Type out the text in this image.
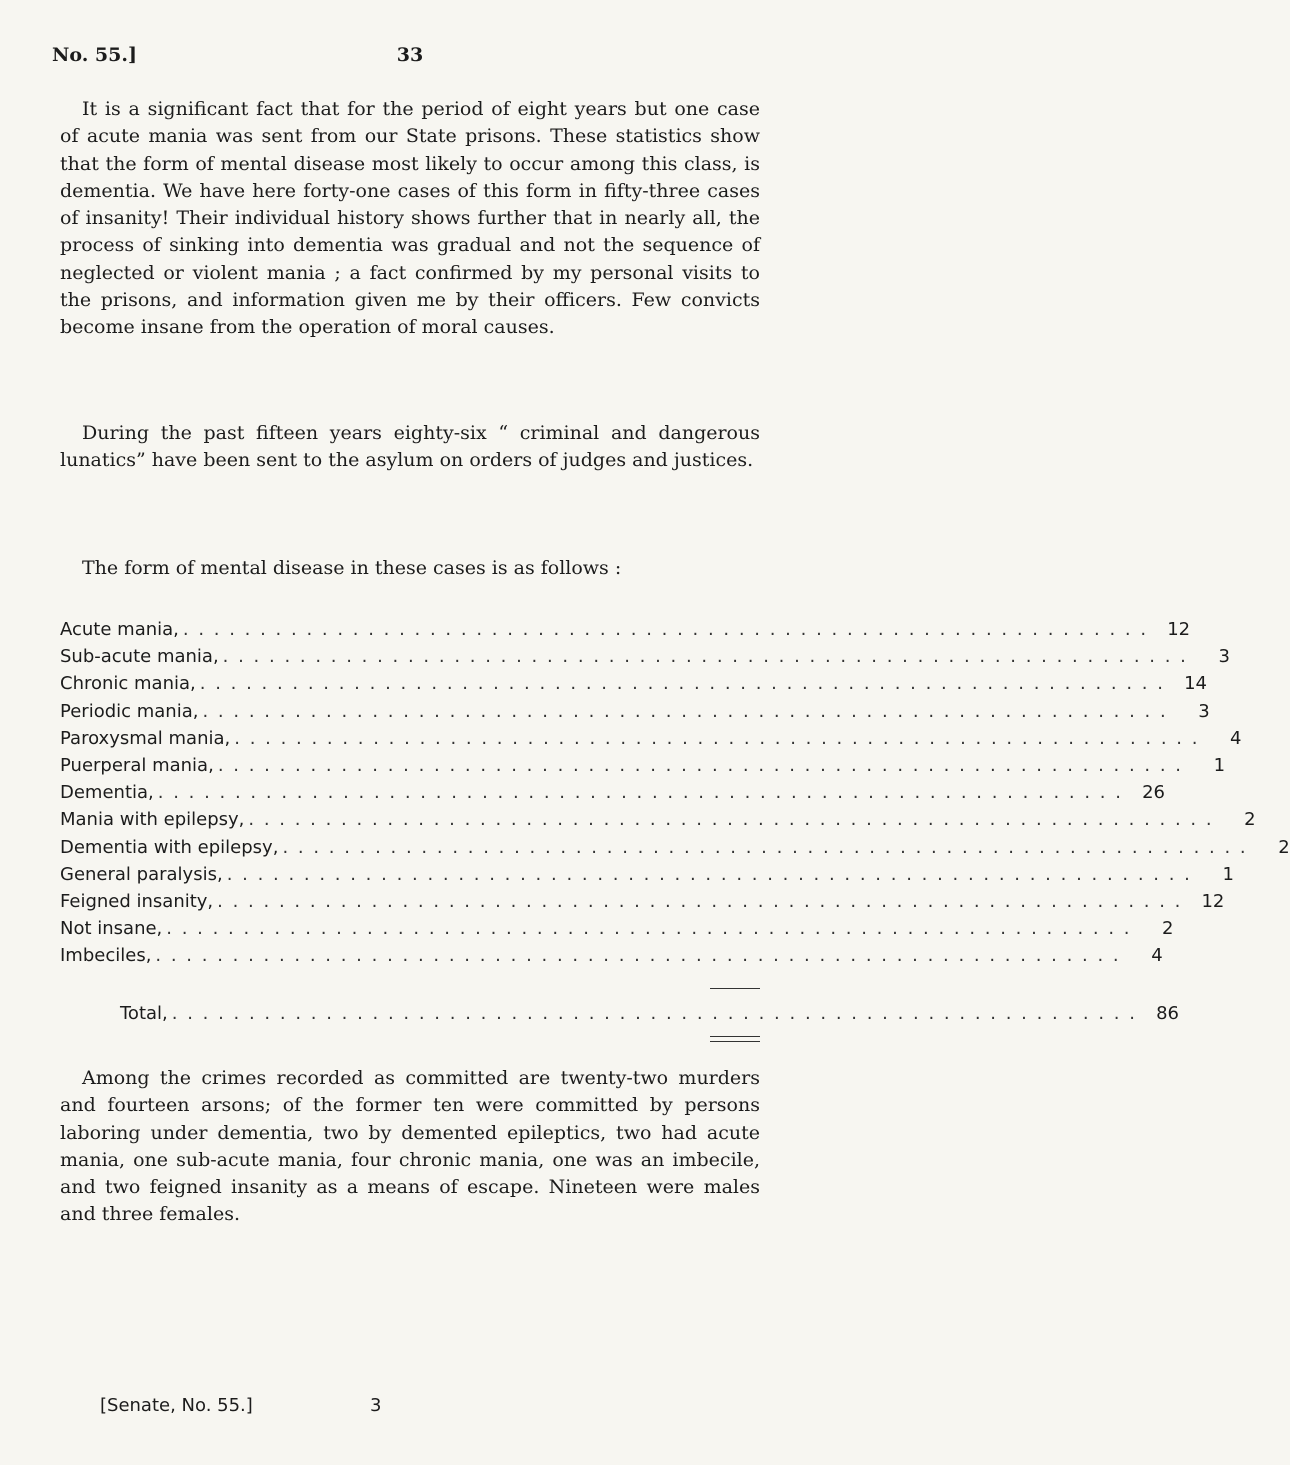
No. 55.]	33

It is a significant fact that for the period of eight years but one case of acute mania was sent from our State prisons. These statistics show that the form of mental disease most likely to occur among this class, is dementia. We have here forty-one cases of this form in fifty-three cases of insanity! Their individual history shows further that in nearly all, the process of sinking into dementia was gradual and not the sequence of neglected or violent mania ; a fact confirmed by my personal visits to the prisons, and information given me by their officers. Few convicts become insane from the operation of moral causes.

During the past fifteen years eighty-six “ criminal and dangerous lunatics” have been sent to the asylum on orders of judges and justices.

The form of mental disease in these cases is as follows :

Acute mania, . . . . . . . . . . . . . . . . . . . . . . . . . . . . . . . . . . . . . . . . . . . . . . . . . . . . . . . . . . . . . . .	12
Sub-acute mania, . . . . . . . . . . . . . . . . . . . . . . . . . . . . . . . . . . . . . . . . . . . . . . . . . . . . . . . . . . . . . . .	3
Chronic mania, . . . . . . . . . . . . . . . . . . . . . . . . . . . . . . . . . . . . . . . . . . . . . . . . . . . . . . . . . . . . . . .	14
Periodic mania, . . . . . . . . . . . . . . . . . . . . . . . . . . . . . . . . . . . . . . . . . . . . . . . . . . . . . . . . . . . . . . .	3
Paroxysmal mania, . . . . . . . . . . . . . . . . . . . . . . . . . . . . . . . . . . . . . . . . . . . . . . . . . . . . . . . . . . . . . . .	4
Puerperal mania, . . . . . . . . . . . . . . . . . . . . . . . . . . . . . . . . . . . . . . . . . . . . . . . . . . . . . . . . . . . . . . .	1
Dementia, . . . . . . . . . . . . . . . . . . . . . . . . . . . . . . . . . . . . . . . . . . . . . . . . . . . . . . . . . . . . . . .	26
Mania with epilepsy, . . . . . . . . . . . . . . . . . . . . . . . . . . . . . . . . . . . . . . . . . . . . . . . . . . . . . . . . . . . . . . .	2
Dementia with epilepsy, . . . . . . . . . . . . . . . . . . . . . . . . . . . . . . . . . . . . . . . . . . . . . . . . . . . . . . . . . . . . . . .	2
General paralysis, . . . . . . . . . . . . . . . . . . . . . . . . . . . . . . . . . . . . . . . . . . . . . . . . . . . . . . . . . . . . . . .	1
Feigned insanity, . . . . . . . . . . . . . . . . . . . . . . . . . . . . . . . . . . . . . . . . . . . . . . . . . . . . . . . . . . . . . . .	12
Not insane, . . . . . . . . . . . . . . . . . . . . . . . . . . . . . . . . . . . . . . . . . . . . . . . . . . . . . . . . . . . . . . .	2
Imbeciles, . . . . . . . . . . . . . . . . . . . . . . . . . . . . . . . . . . . . . . . . . . . . . . . . . . . . . . . . . . . . . . .	4
Total, . . . . . . . . . . . . . . . . . . . . . . . . . . . . . . . . . . . . . . . . . . . . . . . . . . . . . . . . . . . . . . .	86

Among the crimes recorded as committed are twenty-two murders and fourteen arsons; of the former ten were committed by persons laboring under dementia, two by demented epileptics, two had acute mania, one sub-acute mania, four chronic mania, one was an imbecile, and two feigned insanity as a means of escape. Nineteen were males and three females.

[Senate, No. 55.]	3
